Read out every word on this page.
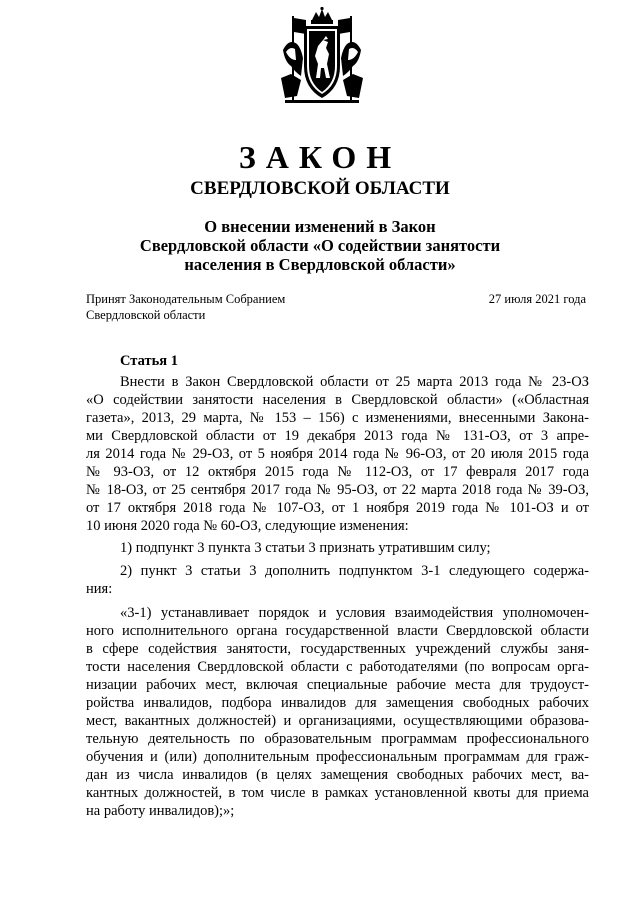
ЗАКОН
СВЕРДЛОВСКОЙ ОБЛАСТИ
О внесении изменений в Закон
Свердловской области «О содействии занятости
населения в Свердловской области»
Принят Законодательным Собранием
Свердловской области
27 июля 2021 года
Статья 1
Внести в Закон Свердловской области от 25 марта 2013 года № 23-ОЗ
«О содействии занятости населения в Свердловской области» («Областная
газета», 2013, 29 марта, № 153 – 156) с изменениями, внесенными Закона-
ми Свердловской области от 19 декабря 2013 года № 131-ОЗ, от 3 апре-
ля 2014 года № 29-ОЗ, от 5 ноября 2014 года № 96-ОЗ, от 20 июля 2015 года
№ 93-ОЗ, от 12 октября 2015 года № 112-ОЗ, от 17 февраля 2017 года
№ 18-ОЗ, от 25 сентября 2017 года № 95-ОЗ, от 22 марта 2018 года № 39-ОЗ,
от 17 октября 2018 года № 107-ОЗ, от 1 ноября 2019 года № 101-ОЗ и от
10 июня 2020 года № 60-ОЗ, следующие изменения:
1) подпункт 3 пункта 3 статьи 3 признать утратившим силу;
2) пункт 3 статьи 3 дополнить подпунктом 3-1 следующего содержа-
ния:
«3-1) устанавливает порядок и условия взаимодействия уполномочен-
ного исполнительного органа государственной власти Свердловской области
в сфере содействия занятости, государственных учреждений службы заня-
тости населения Свердловской области с работодателями (по вопросам орга-
низации рабочих мест, включая специальные рабочие места для трудоуст-
ройства инвалидов, подбора инвалидов для замещения свободных рабочих
мест, вакантных должностей) и организациями, осуществляющими образова-
тельную деятельность по образовательным программам профессионального
обучения и (или) дополнительным профессиональным программам для граж-
дан из числа инвалидов (в целях замещения свободных рабочих мест, ва-
кантных должностей, в том числе в рамках установленной квоты для приема
на работу инвалидов);»;
